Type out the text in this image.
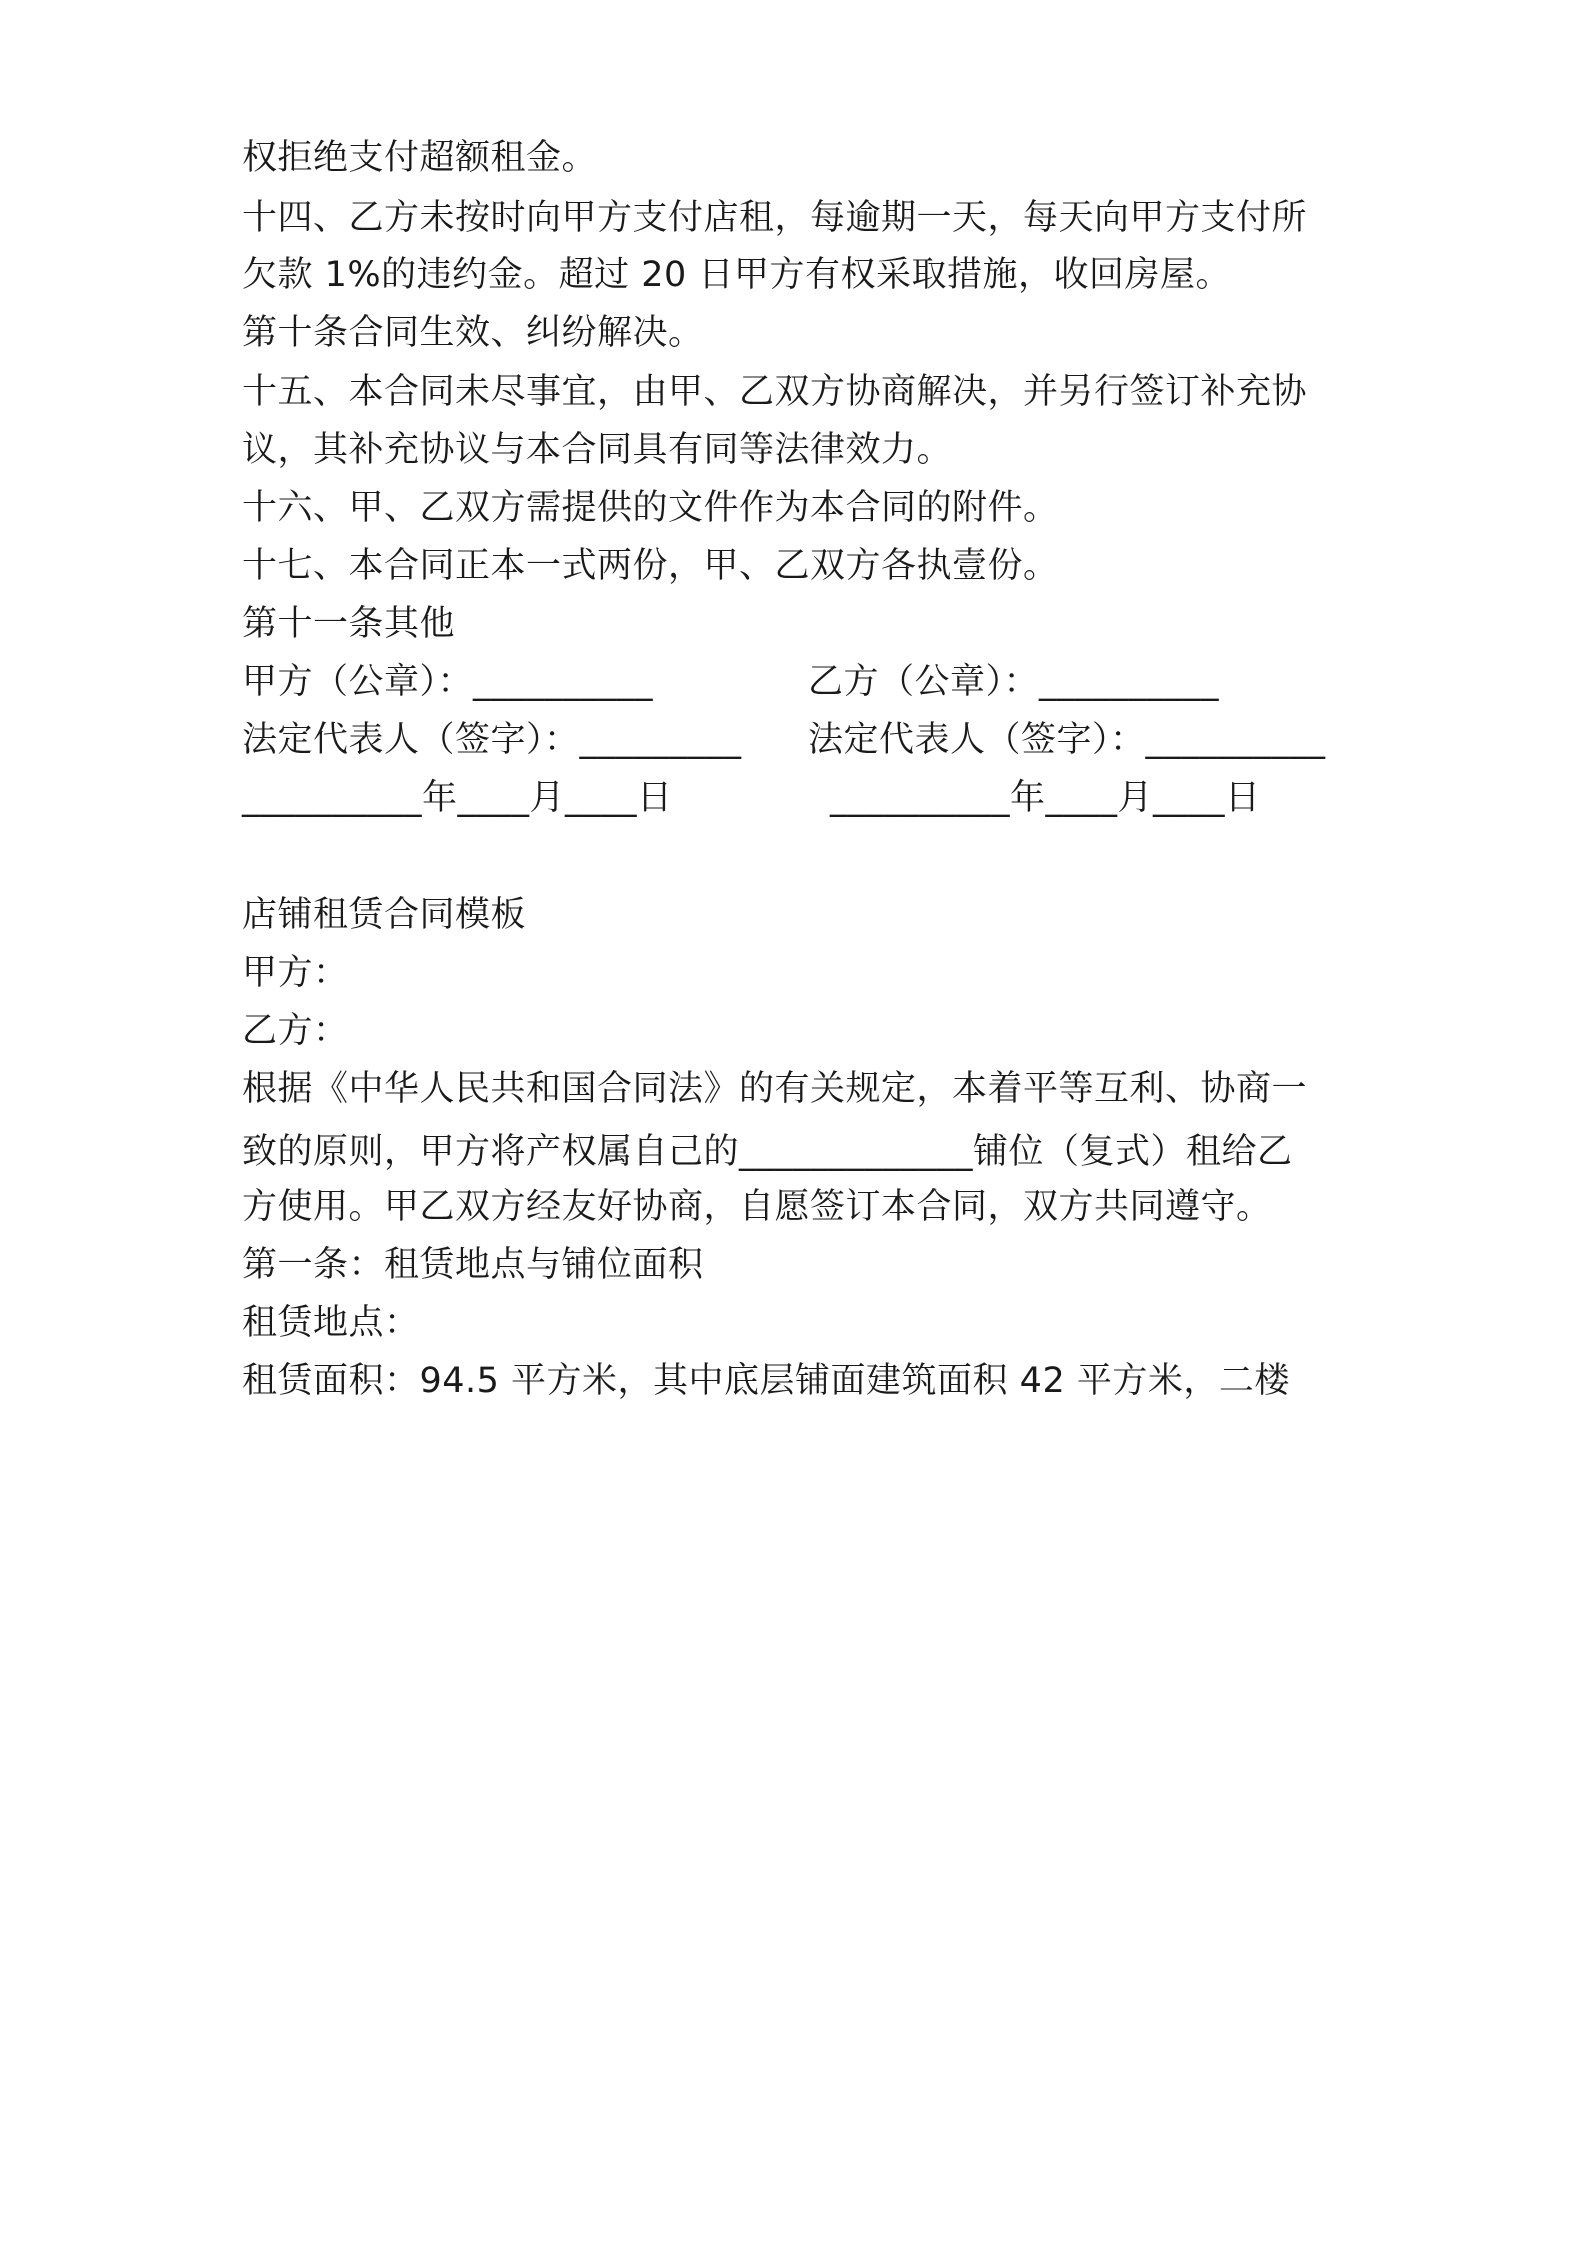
权拒绝支付超额租金。
十四、乙方未按时向甲方支付店租，每逾期一天，每天向甲方支付所
欠款 1%的违约金。超过 20 日甲方有权采取措施，收回房屋。
第十条合同生效、纠纷解决。
十五、本合同未尽事宜，由甲、乙双方协商解决，并另行签订补充协
议，其补充协议与本合同具有同等法律效力。
十六、甲、乙双方需提供的文件作为本合同的附件。
十七、本合同正本一式两份，甲、乙双方各执壹份。
第十一条其他
甲方（公章）：__________	乙方（公章）：__________
法定代表人（签字）：_________ 法定代表人（签字）：__________
__________年____月____日	__________年____月____日
店铺租赁合同模板
甲方：
乙方：
根据《中华人民共和国合同法》的有关规定，本着平等互利、协商一
致的原则，甲方将产权属自己的_____________铺位（复式）租给乙
方使用。甲乙双方经友好协商，自愿签订本合同，双方共同遵守。
第一条：租赁地点与铺位面积
租赁地点：
租赁面积：94.5 平方米，其中底层铺面建筑面积 42 平方米，二楼
